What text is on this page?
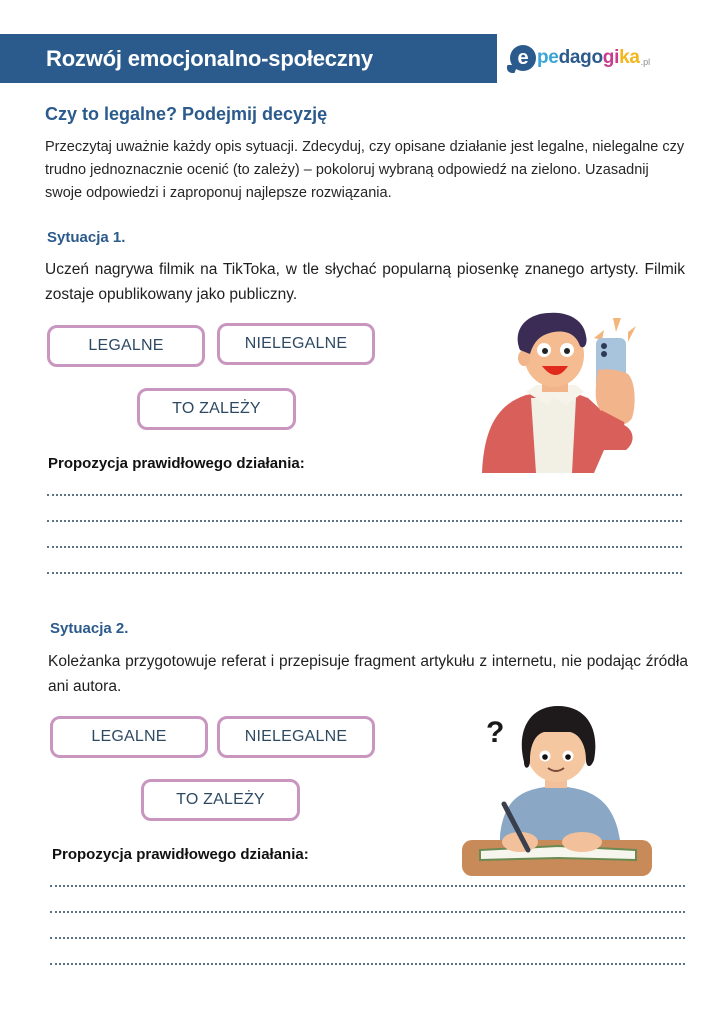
Rozwój emocjonalno-społeczny	e pedagogika .pl
Czy to legalne? Podejmij decyzję
Przeczytaj uważnie każdy opis sytuacji. Zdecyduj, czy opisane działanie jest legalne, nielegalne czy trudno jednoznacznie ocenić (to zależy) – pokoloruj wybraną odpowiedź na zielono. Uzasadnij swoje odpowiedzi i zaproponuj najlepsze rozwiązania.
Sytuacja 1.
Uczeń nagrywa filmik na TikToka, w tle słychać popularną piosenkę znanego artysty. Filmik zostaje opublikowany jako publiczny.
LEGALNE	NIELEGALNE
TO ZALEŻY
Propozycja prawidłowego działania:
Sytuacja 2.
Koleżanka przygotowuje referat i przepisuje fragment artykułu z internetu, nie podając źródła ani autora.
LEGALNE	NIELEGALNE
TO ZALEŻY
?
Propozycja prawidłowego działania:
